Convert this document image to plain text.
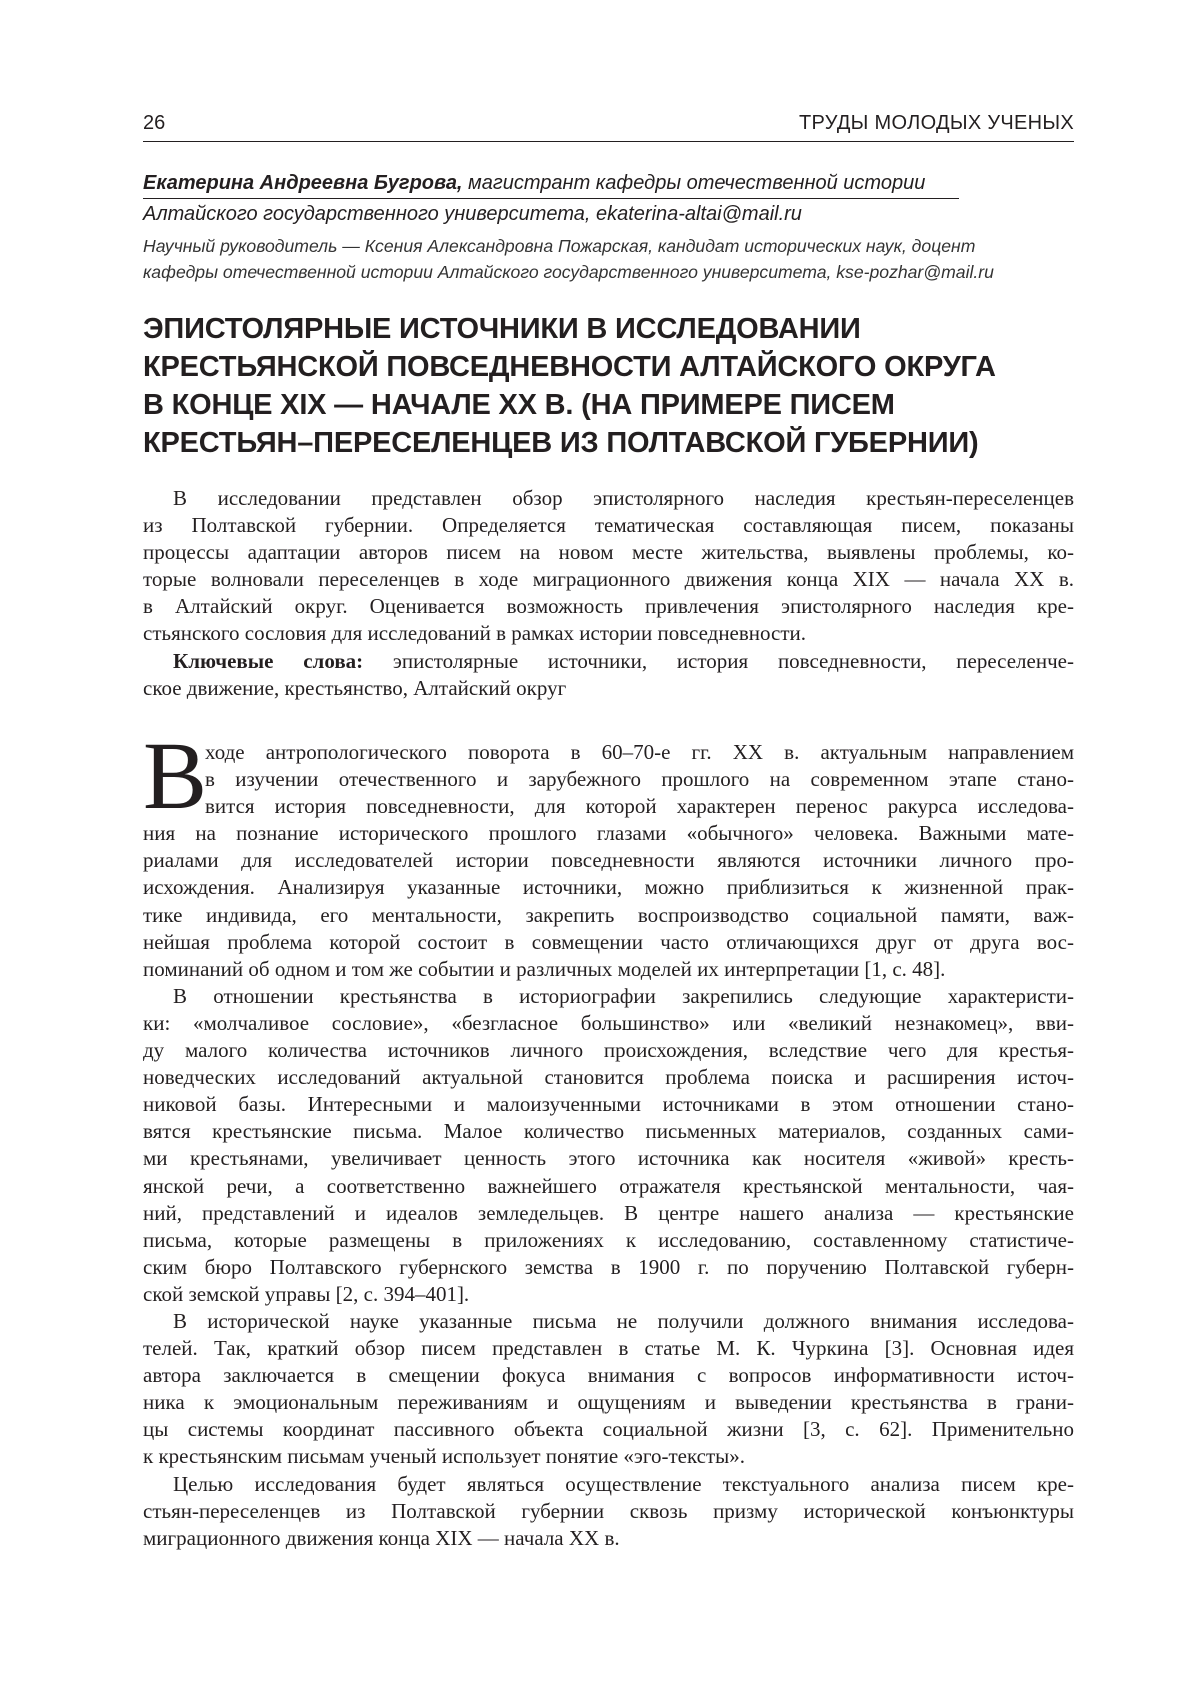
26	ТРУДЫ МОЛОДЫХ УЧЕНЫХ
Екатерина Андреевна Бугрова, магистрант кафедры отечественной истории
Алтайского государственного университета, ekaterina-altai@mail.ru
Научный руководитель — Ксения Александровна Пожарская, кандидат исторических наук, доцент
кафедры отечественной истории Алтайского государственного университета, kse-pozhar@mail.ru
ЭПИСТОЛЯРНЫЕ ИСТОЧНИКИ В ИССЛЕДОВАНИИ
КРЕСТЬЯНСКОЙ ПОВСЕДНЕВНОСТИ АЛТАЙСКОГО ОКРУГА
В КОНЦЕ XIX — НАЧАЛЕ XX В. (НА ПРИМЕРЕ ПИСЕМ
КРЕСТЬЯН–ПЕРЕСЕЛЕНЦЕВ ИЗ ПОЛТАВСКОЙ ГУБЕРНИИ)
В исследовании представлен обзор эпистолярного наследия крестьян-переселенцев
из Полтавской губернии. Определяется тематическая составляющая писем, показаны
процессы адаптации авторов писем на новом месте жительства, выявлены проблемы, ко-
торые волновали переселенцев в ходе миграционного движения конца XIX — начала XX в.
в Алтайский округ. Оценивается возможность привлечения эпистолярного наследия кре-
стьянского сословия для исследований в рамках истории повседневности.
Ключевые слова: эпистолярные источники, история повседневности, переселенче-
ское движение, крестьянство, Алтайский округ
В
ходе антропологического поворота в 60–70-е гг. XX в. актуальным направлением
в изучении отечественного и зарубежного прошлого на современном этапе стано-
вится история повседневности, для которой характерен перенос ракурса исследова-
ния на познание исторического прошлого глазами «обычного» человека. Важными мате-
риалами для исследователей истории повседневности являются источники личного про-
исхождения. Анализируя указанные источники, можно приблизиться к жизненной прак-
тике индивида, его ментальности, закрепить воспроизводство социальной памяти, важ-
нейшая проблема которой состоит в совмещении часто отличающихся друг от друга вос-
поминаний об одном и том же событии и различных моделей их интерпретации [1, с. 48].
В отношении крестьянства в историографии закрепились следующие характеристи-
ки: «молчаливое сословие», «безгласное большинство» или «великий незнакомец», вви-
ду малого количества источников личного происхождения, вследствие чего для крестья-
новедческих исследований актуальной становится проблема поиска и расширения источ-
никовой базы. Интересными и малоизученными источниками в этом отношении стано-
вятся крестьянские письма. Малое количество письменных материалов, созданных сами-
ми крестьянами, увеличивает ценность этого источника как носителя «живой» кресть-
янской речи, а соответственно важнейшего отражателя крестьянской ментальности, чая-
ний, представлений и идеалов земледельцев. В центре нашего анализа — крестьянские
письма, которые размещены в приложениях к исследованию, составленному статистиче-
ским бюро Полтавского губернского земства в 1900 г. по поручению Полтавской губерн-
ской земской управы [2, с. 394–401].
В исторической науке указанные письма не получили должного внимания исследова-
телей. Так, краткий обзор писем представлен в статье М. К. Чуркина [3]. Основная идея
автора заключается в смещении фокуса внимания с вопросов информативности источ-
ника к эмоциональным переживаниям и ощущениям и выведении крестьянства в грани-
цы системы координат пассивного объекта социальной жизни [3, с. 62]. Применительно
к крестьянским письмам ученый использует понятие «эго-тексты».
Целью исследования будет являться осуществление текстуального анализа писем кре-
стьян-переселенцев из Полтавской губернии сквозь призму исторической конъюнктуры
миграционного движения конца XIX — начала XX в.
